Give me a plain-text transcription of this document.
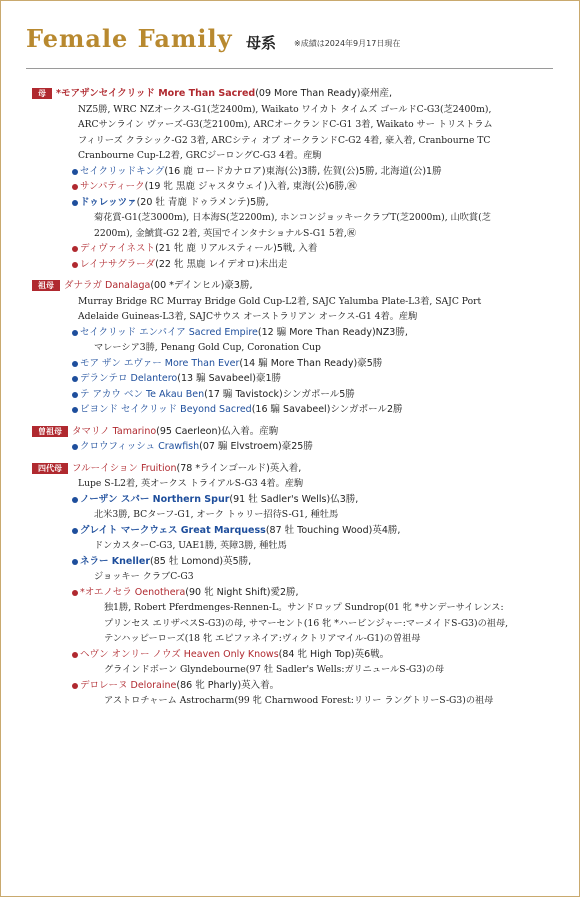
Female Family 母系 ※成績は2024年9月17日現在
母 *モアザンセイクリッド More Than Sacred(09 More Than Ready)豪州産,
NZ5勝, WRC NZオークス-G1(芝2400m), Waikato ワイカト タイムズ ゴールドC-G3(芝2400m),
ARCサンライン ヴァーズ-G3(芝2100m), ARCオークランドC-G1 3着, Waikato サー トリストラム
フィリーズ クラシック-G2 3着, ARCシティ オブ オークランドC-G2 4着, 豪入着, Cranbourne TC
Cranbourne Cup-L2着, GRCジーロングC-G3 4着。産駒
セイクリッドキング(16 鹿 ロードカナロア)東海(公)3勝, 佐賀(公)5勝, 北海道(公)1勝
サンパティーク(19 牝 黒鹿 ジャスタウェイ)入着, 東海(公)6勝,㊗
ドゥレッツァ(20 牡 青鹿 ドゥラメンテ)5勝,
菊花賞-G1(芝3000m), 日本海S(芝2200m), ホンコンジョッキークラブT(芝2000m), 山吹賞(芝
2200m), 金鯱賞-G2 2着, 英国でインタナショナルS-G1 5着,㊗
ディヴァイネスト(21 牝 鹿 リアルスティール)5戦, 入着
レイナサグラーダ(22 牝 黒鹿 レイデオロ)未出走
祖母 ダナラガ Danalaga(00 *デインヒル)豪3勝,
Murray Bridge RC Murray Bridge Gold Cup-L2着, SAJC Yalumba Plate-L3着, SAJC Port
Adelaide Guineas-L3着, SAJCサウス オーストラリアン オークス-G1 4着。産駒
セイクリッド エンパイア Sacred Empire(12 騸 More Than Ready)NZ3勝,
マレーシア3勝, Penang Gold Cup, Coronation Cup
モア ザン エヴァー More Than Ever(14 騸 More Than Ready)豪5勝
デランテロ Delantero(13 騸 Savabeel)豪1勝
テ アカウ ベン Te Akau Ben(17 騸 Tavistock)シンガポール5勝
ビヨンド セイクリッド Beyond Sacred(16 騸 Savabeel)シンガポール2勝
曽祖母 タマリノ Tamarino(95 Caerleon)仏入着。産駒
クロウフィッシュ Crawfish(07 騸 Elvstroem)豪25勝
四代母 フルーイション Fruition(78 *ラインゴールド)英入着,
Lupe S-L2着, 英オークス トライアルS-G3 4着。産駒
ノーザン スパー Northern Spur(91 牡 Sadler's Wells)仏3勝,
北米3勝, BCターフ-G1, オーク トゥリー招待S-G1, 種牡馬
グレイト マークウェス Great Marquess(87 牡 Touching Wood)英4勝,
ドンカスターC-G3, UAE1勝, 英障3勝, 種牡馬
ネラー Kneller(85 牡 Lomond)英5勝,
ジョッキー クラブC-G3
*オエノセラ Oenothera(90 牝 Night Shift)愛2勝,
独1勝, Robert Pferdmenges-Rennen-L。サンドロップ Sundrop(01 牝 *サンデーサイレンス:
プリンセス エリザベスS-G3)の母, サマーセント(16 牝 *ハービンジャー:マーメイドS-G3)の祖母,
テンハッピーローズ(18 牝 エピファネイア:ヴィクトリアマイル-G1)の曽祖母
ヘヴン オンリー ノウズ Heaven Only Knows(84 牝 High Top)英6戦。
グラインドボーン Glyndebourne(97 牡 Sadler's Wells:ガリニュールS-G3)の母
デロレーヌ Deloraine(86 牝 Pharly)英入着。
アストロチャーム Astrocharm(99 牝 Charnwood Forest:リリー ラングトリーS-G3)の祖母
